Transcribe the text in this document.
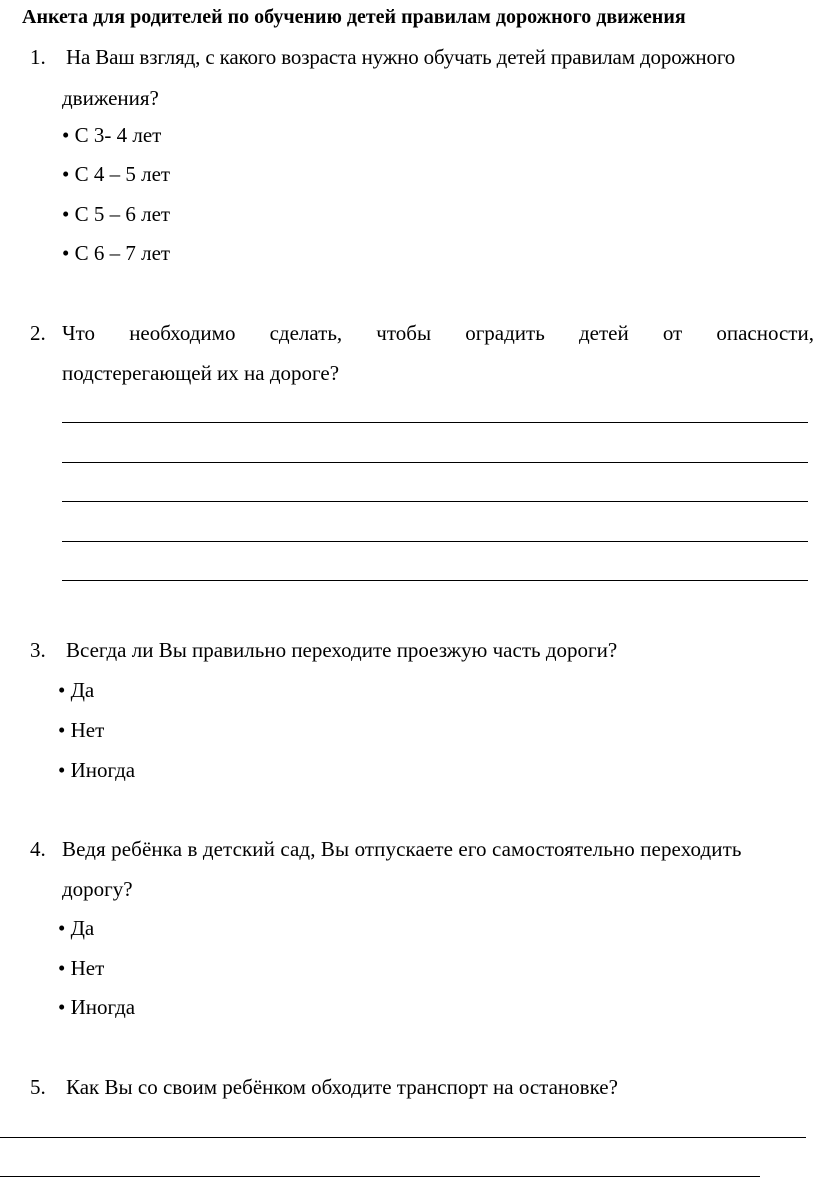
Анкета для родителей по обучению детей правилам дорожного движения
1. На Ваш взгляд, с какого возраста нужно обучать детей правилам дорожного
движения?
• С 3- 4 лет
• С 4 – 5 лет
• С 5 – 6 лет
• С 6 – 7 лет
2. Что необходимо сделать, чтобы оградить детей от опасности,
подстерегающей их на дороге?
3. Всегда ли Вы правильно переходите проезжую часть дороги?
• Да
• Нет
• Иногда
4. Ведя ребёнка в детский сад, Вы отпускаете его самостоятельно переходить
дорогу?
• Да
• Нет
• Иногда
5. Как Вы со своим ребёнком обходите транспорт на остановке?
